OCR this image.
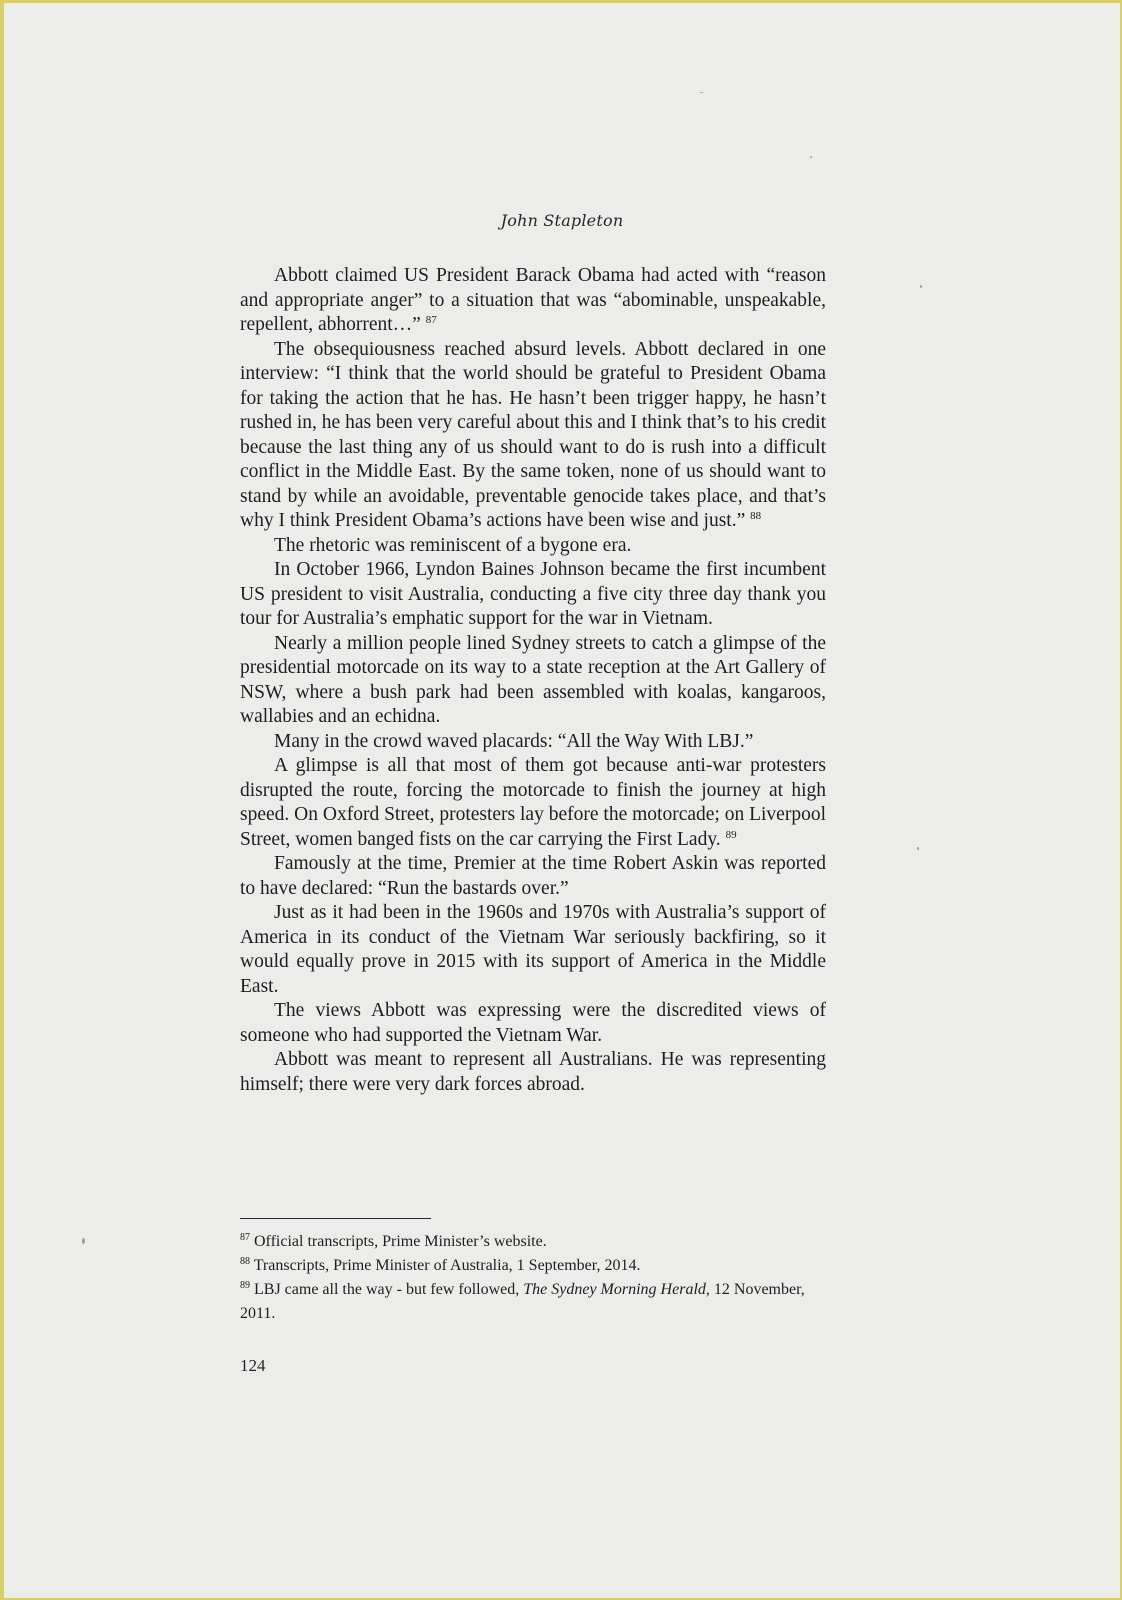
John Stapleton

Abbott claimed US President Barack Obama had acted with “reason and appropriate anger” to a situation that was “abominable, unspeakable, repellent, abhorrent…” $^{87}$

The obsequiousness reached absurd levels. Abbott declared in one interview: “I think that the world should be grateful to President Obama for taking the action that he has. He hasn’t been trigger happy, he hasn’t rushed in, he has been very careful about this and I think that’s to his credit because the last thing any of us should want to do is rush into a difficult conflict in the Middle East. By the same token, none of us should want to stand by while an avoidable, preventable genocide takes place, and that’s why I think President Obama’s actions have been wise and just.” $^{88}$

The rhetoric was reminiscent of a bygone era.

In October 1966, Lyndon Baines Johnson became the first incumbent US president to visit Australia, conducting a five city three day thank you tour for Australia’s emphatic support for the war in Vietnam.

Nearly a million people lined Sydney streets to catch a glimpse of the presidential motorcade on its way to a state reception at the Art Gallery of NSW, where a bush park had been assembled with koalas, kangaroos, wallabies and an echidna.

Many in the crowd waved placards: “All the Way With LBJ.”

A glimpse is all that most of them got because anti-war protesters disrupted the route, forcing the motorcade to finish the journey at high speed. On Oxford Street, protesters lay before the motorcade; on Liverpool Street, women banged fists on the car carrying the First Lady. $^{89}$

Famously at the time, Premier at the time Robert Askin was reported to have declared: “Run the bastards over.”

Just as it had been in the 1960s and 1970s with Australia’s support of America in its conduct of the Vietnam War seriously backfiring, so it would equally prove in 2015 with its support of America in the Middle East.

The views Abbott was expressing were the discredited views of someone who had supported the Vietnam War.

Abbott was meant to represent all Australians. He was representing himself; there were very dark forces abroad.

$^{87}$ Official transcripts, Prime Minister’s website.

$^{88}$ Transcripts, Prime Minister of Australia, 1 September, 2014.

$^{89}$ LBJ came all the way - but few followed, The Sydney Morning Herald, 12 November, 2011.

124
